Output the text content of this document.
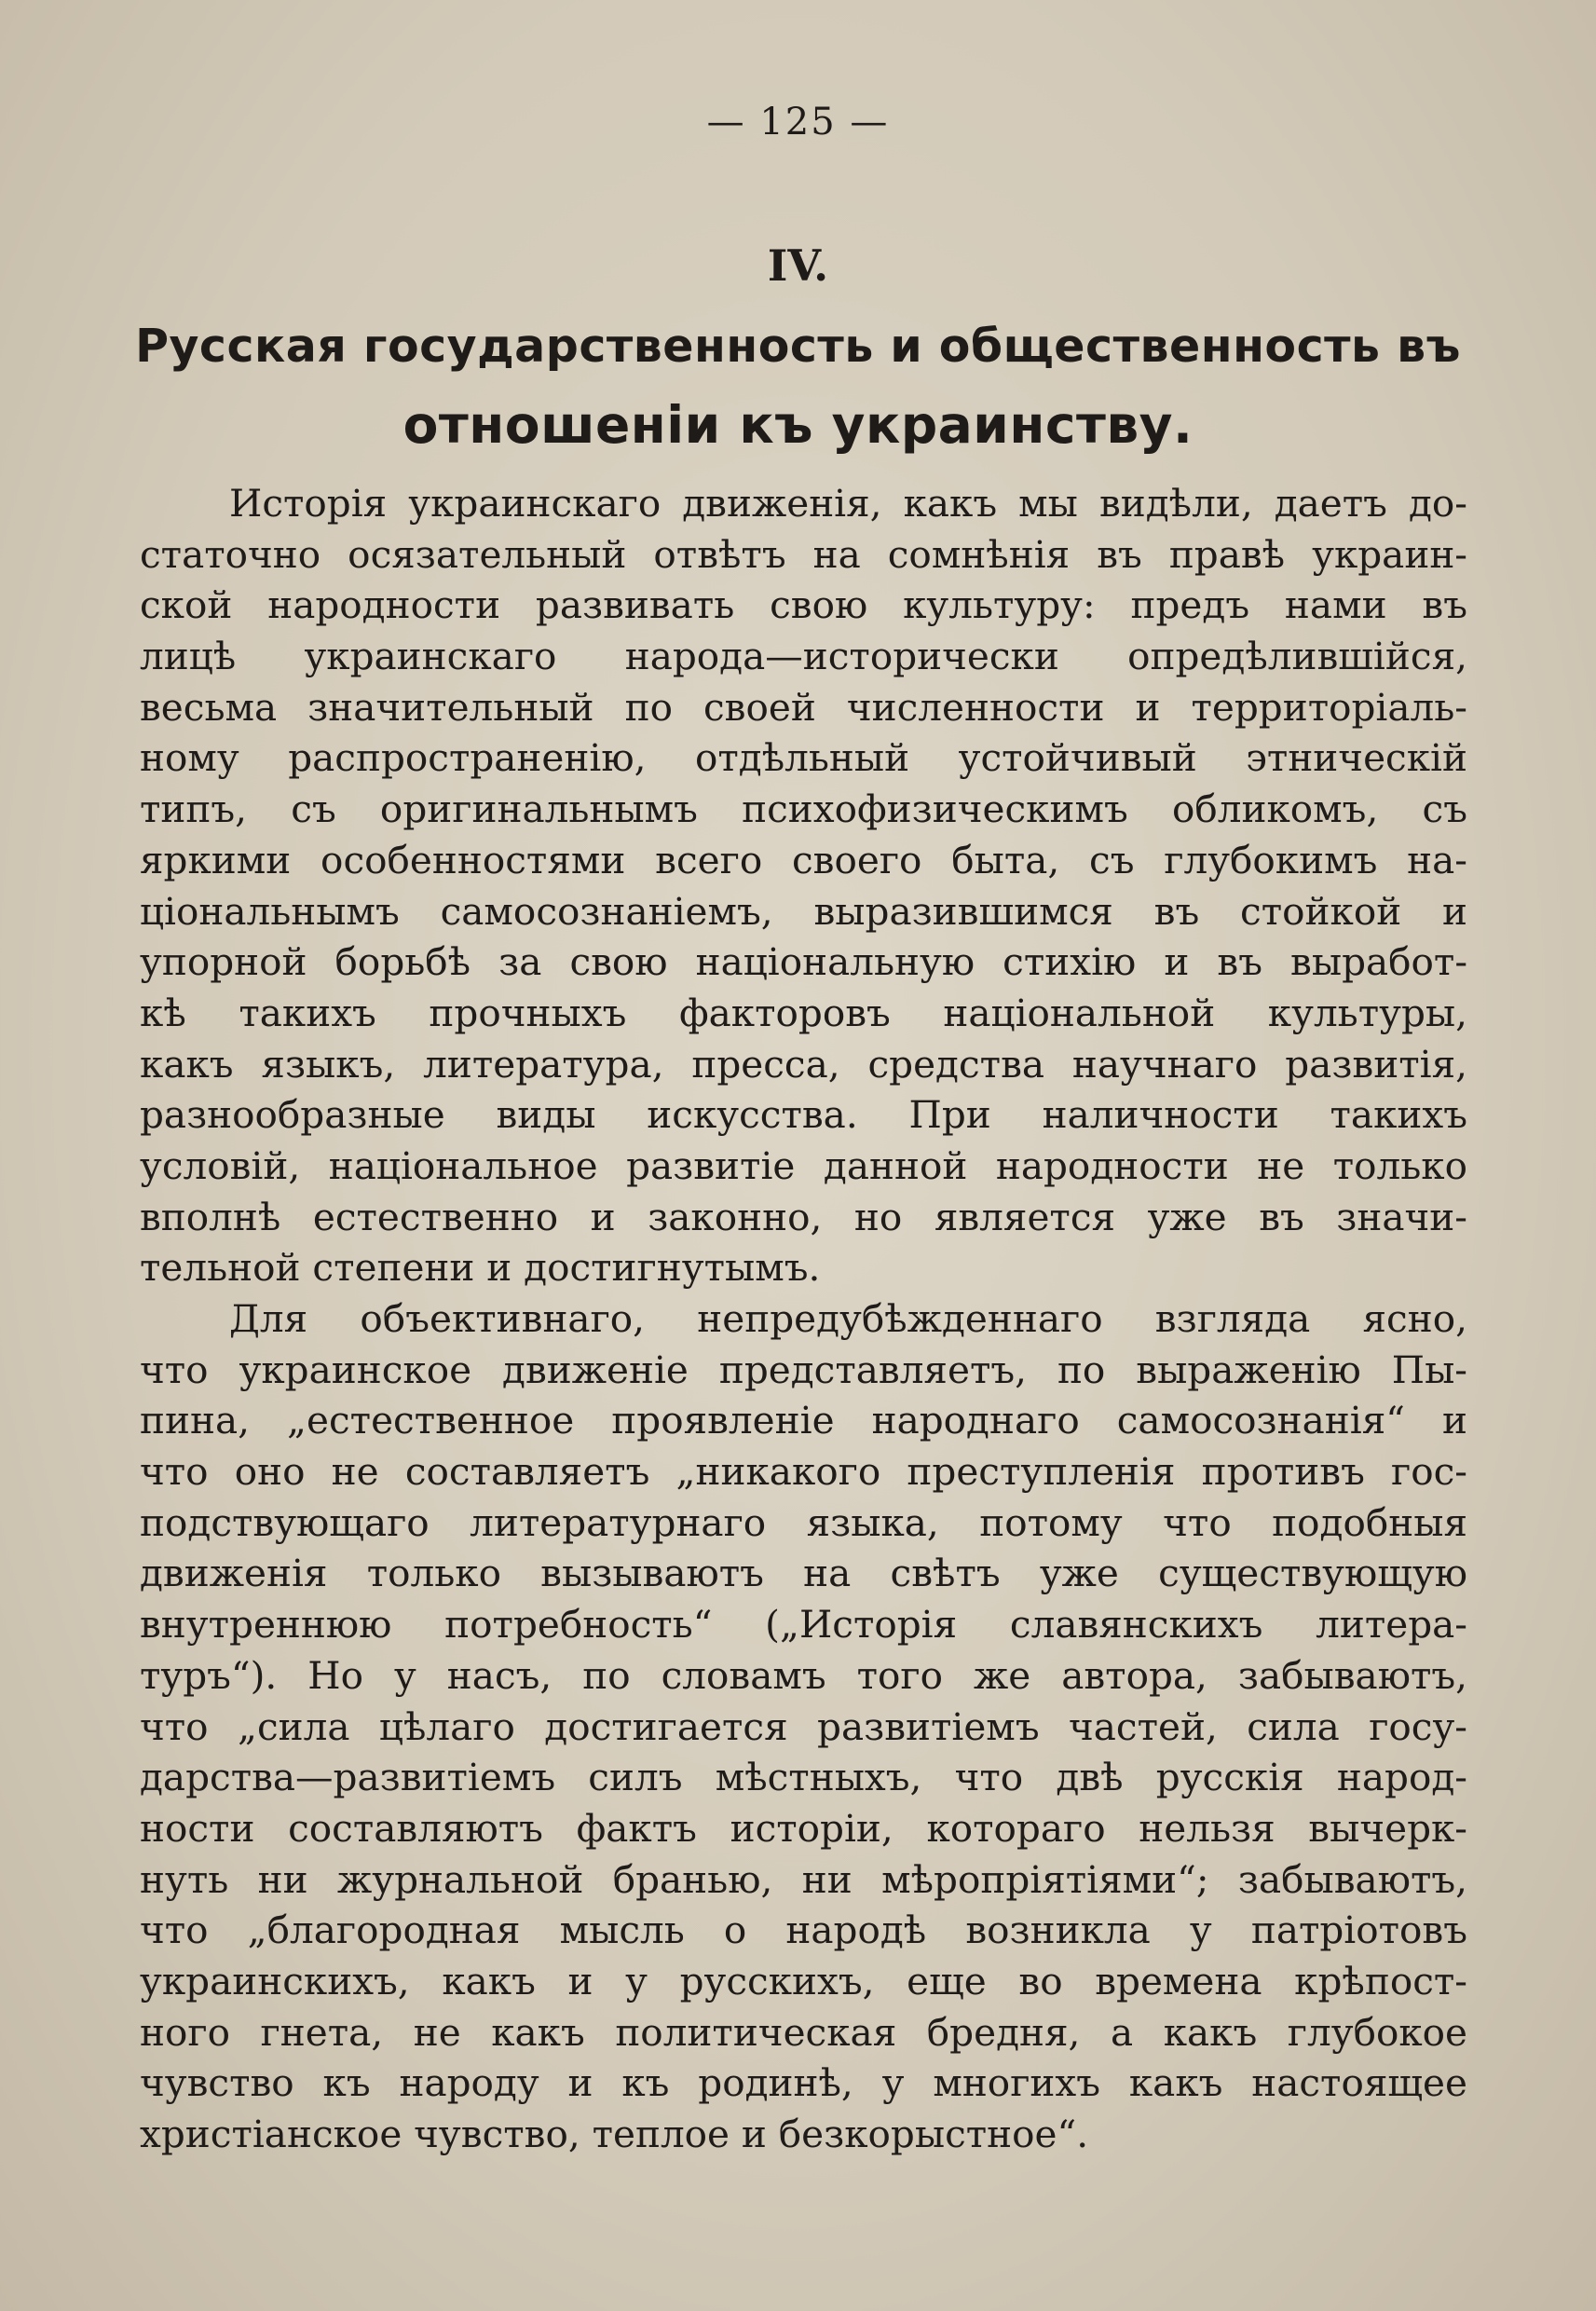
— 125 —
IV.
Русская государственность и общественность въ
отношеніи къ украинству.
Исторія украинскаго движенія, какъ мы видѣли, даетъ до-
статочно осязательный отвѣтъ на сомнѣнія въ правѣ украин-
ской народности развивать свою культуру: предъ нами въ
лицѣ украинскаго народа—исторически опредѣлившійся,
весьма значительный по своей численности и территоріаль-
ному распространенію, отдѣльный устойчивый этническій
типъ, съ оригинальнымъ психофизическимъ обликомъ, съ
яркими особенностями всего своего быта, съ глубокимъ на-
ціональнымъ самосознаніемъ, выразившимся въ стойкой и
упорной борьбѣ за свою національную стихію и въ выработ-
кѣ такихъ прочныхъ факторовъ національной культуры,
какъ языкъ, литература, пресса, средства научнаго развитія,
разнообразные виды искусства. При наличности такихъ
условій, національное развитіе данной народности не только
вполнѣ естественно и законно, но является уже въ значи-
тельной степени и достигнутымъ.
Для объективнаго, непредубѣжденнаго взгляда ясно,
что украинское движеніе представляетъ, по выраженію Пы-
пина, „естественное проявленіе народнаго самосознанія“ и
что оно не составляетъ „никакого преступленія противъ гос-
подствующаго литературнаго языка, потому что подобныя
движенія только вызываютъ на свѣтъ уже существующую
внутреннюю потребность“ („Исторія славянскихъ литера-
туръ“). Но у насъ, по словамъ того же автора, забываютъ,
что „сила цѣлаго достигается развитіемъ частей, сила госу-
дарства—развитіемъ силъ мѣстныхъ, что двѣ русскія народ-
ности составляютъ фактъ исторіи, котораго нельзя вычерк-
нуть ни журнальной бранью, ни мѣропріятіями“; забываютъ,
что „благородная мысль о народѣ возникла у патріотовъ
украинскихъ, какъ и у русскихъ, еще во времена крѣпост-
ного гнета, не какъ политическая бредня, а какъ глубокое
чувство къ народу и къ родинѣ, у многихъ какъ настоящее
христіанское чувство, теплое и безкорыстное“.
